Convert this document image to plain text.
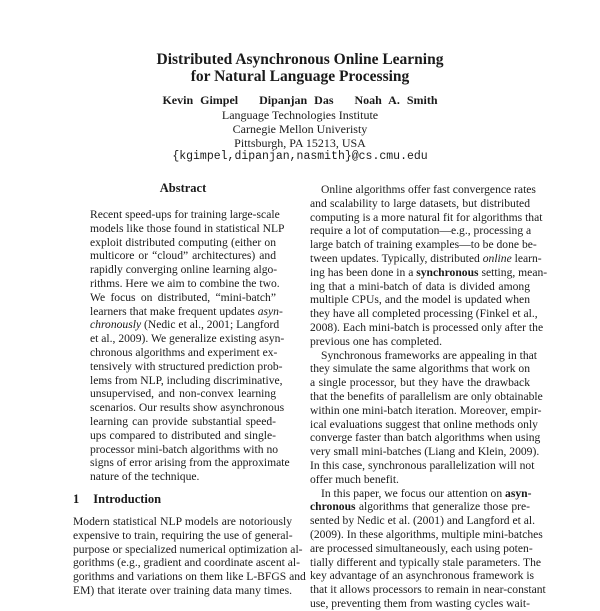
Distributed Asynchronous Online Learning
for Natural Language Processing
Kevin Gimpel   Dipanjan Das   Noah A. Smith
Language Technologies Institute
Carnegie Mellon Univeristy
Pittsburgh, PA 15213, USA
{kgimpel,dipanjan,nasmith}@cs.cmu.edu
Abstract
Recent speed-ups for training large-scale
models like those found in statistical NLP
exploit distributed computing (either on
multicore or “cloud” architectures) and
rapidly converging online learning algo-
rithms. Here we aim to combine the two.
We focus on distributed, “mini-batch”
learners that make frequent updates asyn-
chronously (Nedic et al., 2001; Langford
et al., 2009). We generalize existing asyn-
chronous algorithms and experiment ex-
tensively with structured prediction prob-
lems from NLP, including discriminative,
unsupervised, and non-convex learning
scenarios. Our results show asynchronous
learning can provide substantial speed-
ups compared to distributed and single-
processor mini-batch algorithms with no
signs of error arising from the approximate
nature of the technique.
1 Introduction
Modern statistical NLP models are notoriously
expensive to train, requiring the use of general-
purpose or specialized numerical optimization al-
gorithms (e.g., gradient and coordinate ascent al-
gorithms and variations on them like L-BFGS and
EM) that iterate over training data many times.
Online algorithms offer fast convergence rates
and scalability to large datasets, but distributed
computing is a more natural fit for algorithms that
require a lot of computation—e.g., processing a
large batch of training examples—to be done be-
tween updates. Typically, distributed online learn-
ing has been done in a synchronous setting, mean-
ing that a mini-batch of data is divided among
multiple CPUs, and the model is updated when
they have all completed processing (Finkel et al.,
2008). Each mini-batch is processed only after the
previous one has completed.
Synchronous frameworks are appealing in that
they simulate the same algorithms that work on
a single processor, but they have the drawback
that the benefits of parallelism are only obtainable
within one mini-batch iteration. Moreover, empir-
ical evaluations suggest that online methods only
converge faster than batch algorithms when using
very small mini-batches (Liang and Klein, 2009).
In this case, synchronous parallelization will not
offer much benefit.
In this paper, we focus our attention on asyn-
chronous algorithms that generalize those pre-
sented by Nedic et al. (2001) and Langford et al.
(2009). In these algorithms, multiple mini-batches
are processed simultaneously, each using poten-
tially different and typically stale parameters. The
key advantage of an asynchronous framework is
that it allows processors to remain in near-constant
use, preventing them from wasting cycles wait-
